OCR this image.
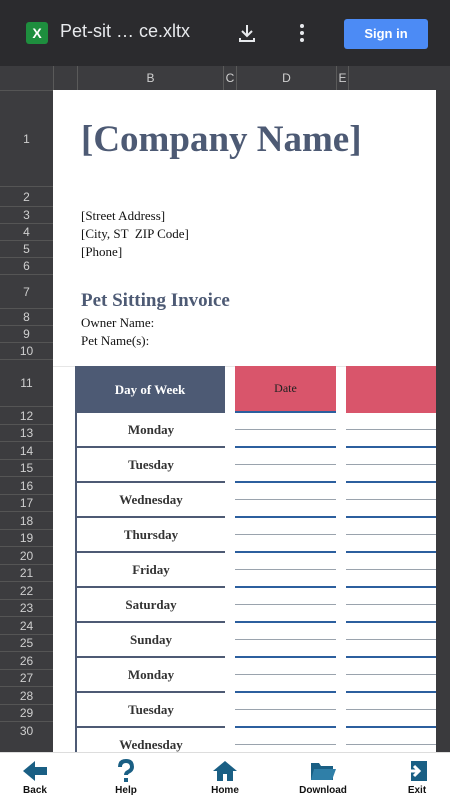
X	Pet-sit … ce.xltx	Sign in
B	C	D	E
1
2
3
4
5
6
7
8
9
10
11
12
13
14
15
16
17
18
19
20
21
22
23
24
25
26
27
28
29
30
[Company Name]
[Street Address]
[City, ST  ZIP Code]
[Phone]
Pet Sitting Invoice
Owner Name:
Pet Name(s):
Day of Week	Date
Monday
Tuesday
Wednesday
Thursday
Friday
Saturday
Sunday
Monday
Tuesday
Wednesday
Back	Help	Home	Download	Exit
